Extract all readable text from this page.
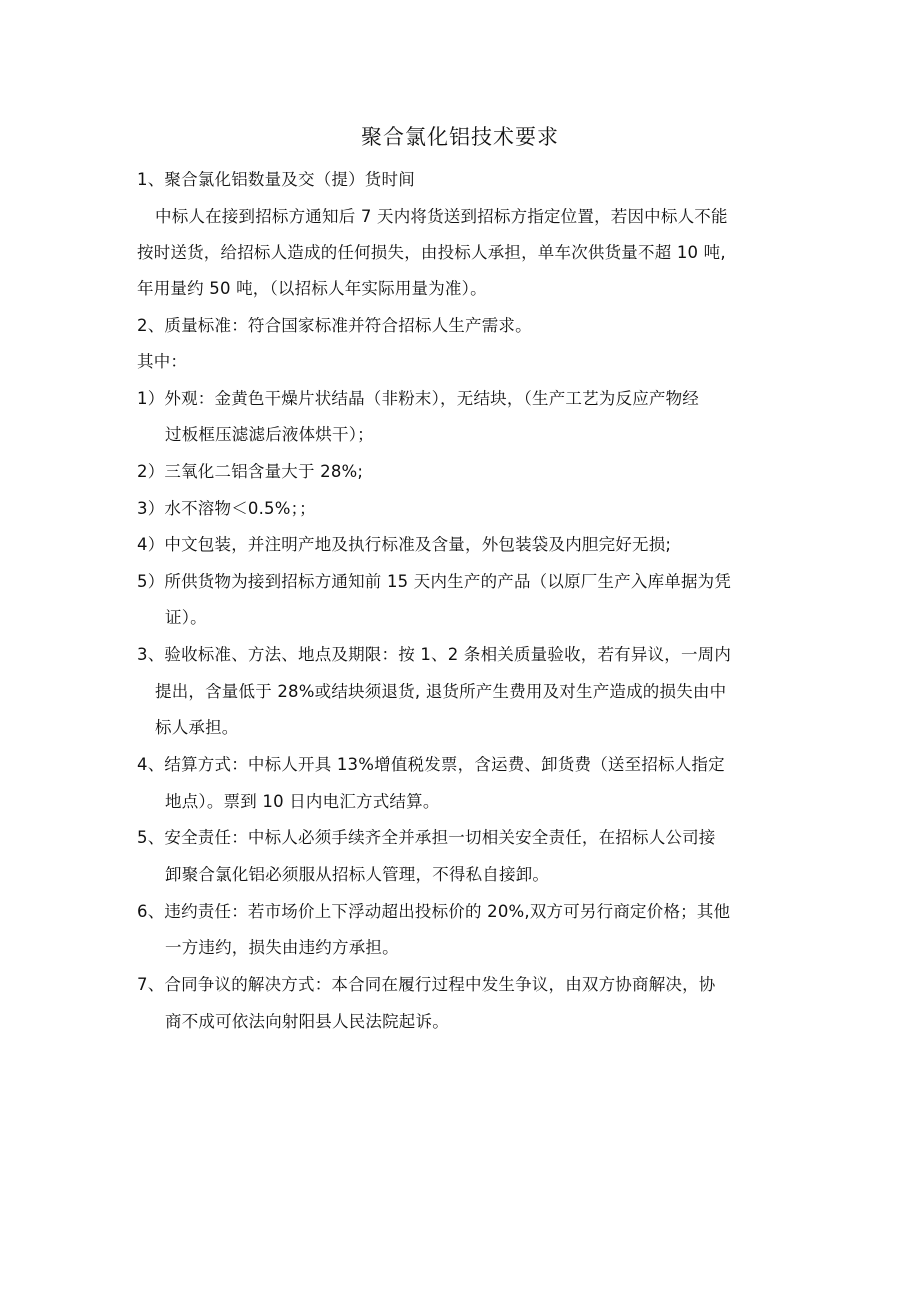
聚合氯化铝技术要求
1、聚合氯化铝数量及交（提）货时间
中标人在接到招标方通知后 7 天内将货送到招标方指定位置，若因中标人不能
按时送货，给招标人造成的任何损失，由投标人承担，单车次供货量不超 10 吨,
年用量约 50 吨，（以招标人年实际用量为准）。
2、质量标准：符合国家标准并符合招标人生产需求。
其中：
1）外观：金黄色干燥片状结晶（非粉末），无结块，（生产工艺为反应产物经
过板框压滤滤后液体烘干）；
2）三氧化二铝含量大于 28%;
3）水不溶物＜0.5%；；
4）中文包装，并注明产地及执行标准及含量，外包装袋及内胆完好无损;
5）所供货物为接到招标方通知前 15 天内生产的产品（以原厂生产入库单据为凭
证）。
3、验收标准、方法、地点及期限：按 1、2 条相关质量验收，若有异议，一周内
提出，含量低于 28%或结块须退货, 退货所产生费用及对生产造成的损失由中
标人承担。
4、结算方式：中标人开具 13%增值税发票，含运费、卸货费（送至招标人指定
地点）。票到 10 日内电汇方式结算。
5、安全责任：中标人必须手续齐全并承担一切相关安全责任，在招标人公司接
卸聚合氯化铝必须服从招标人管理，不得私自接卸。
6、违约责任：若市场价上下浮动超出投标价的 20%,双方可另行商定价格；其他
一方违约，损失由违约方承担。
7、合同争议的解决方式：本合同在履行过程中发生争议，由双方协商解决，协
商不成可依法向射阳县人民法院起诉。
